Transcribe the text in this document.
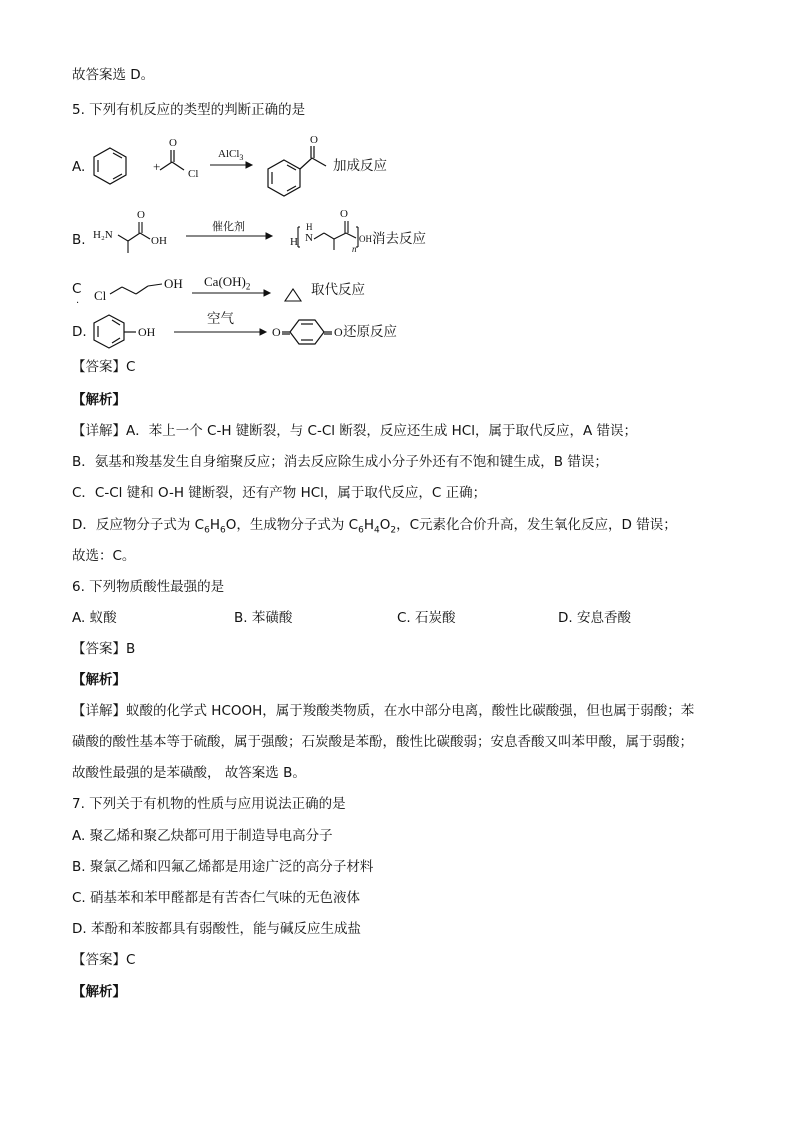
故答案选 D。
5. 下列有机反应的类型的判断正确的是
A.	+
O
Cl
AlCl$_3$
O
加成反应
B. H₂N
O
OH
催化剂
H
H
N
O
OH
n
消去反应
C
. Cl
OH $Ca(OH)_2$	取代反应
D.	OH
空气
O	O 还原反应
【答案】C
【解析】
【详解】A．苯上一个 C-H 键断裂，与 C-Cl 断裂，反应还生成 HCl，属于取代反应，A 错误；
B．氨基和羧基发生自身缩聚反应；消去反应除生成小分子外还有不饱和键生成，B 错误；
C．C-Cl 键和 O-H 键断裂，还有产物 HCl，属于取代反应，C 正确；
D．反应物分子式为 $C_6H_6O$，生成物分子式为 $C_6H_4O_2$，C元素化合价升高，发生氧化反应，D 错误；
故选：C。
6. 下列物质酸性最强的是
A. 蚁酸	B. 苯磺酸	C. 石炭酸	D. 安息香酸
【答案】B
【解析】
【详解】蚁酸的化学式 HCOOH，属于羧酸类物质，在水中部分电离，酸性比碳酸强，但也属于弱酸；苯
磺酸的酸性基本等于硫酸，属于强酸；石炭酸是苯酚，酸性比碳酸弱；安息香酸又叫苯甲酸，属于弱酸；
故酸性最强的是苯磺酸， 故答案选 B。
7. 下列关于有机物的性质与应用说法正确的是
A. 聚乙烯和聚乙炔都可用于制造导电高分子
B. 聚氯乙烯和四氟乙烯都是用途广泛的高分子材料
C. 硝基苯和苯甲醛都是有苦杏仁气味的无色液体
D. 苯酚和苯胺都具有弱酸性，能与碱反应生成盐
【答案】C
【解析】
